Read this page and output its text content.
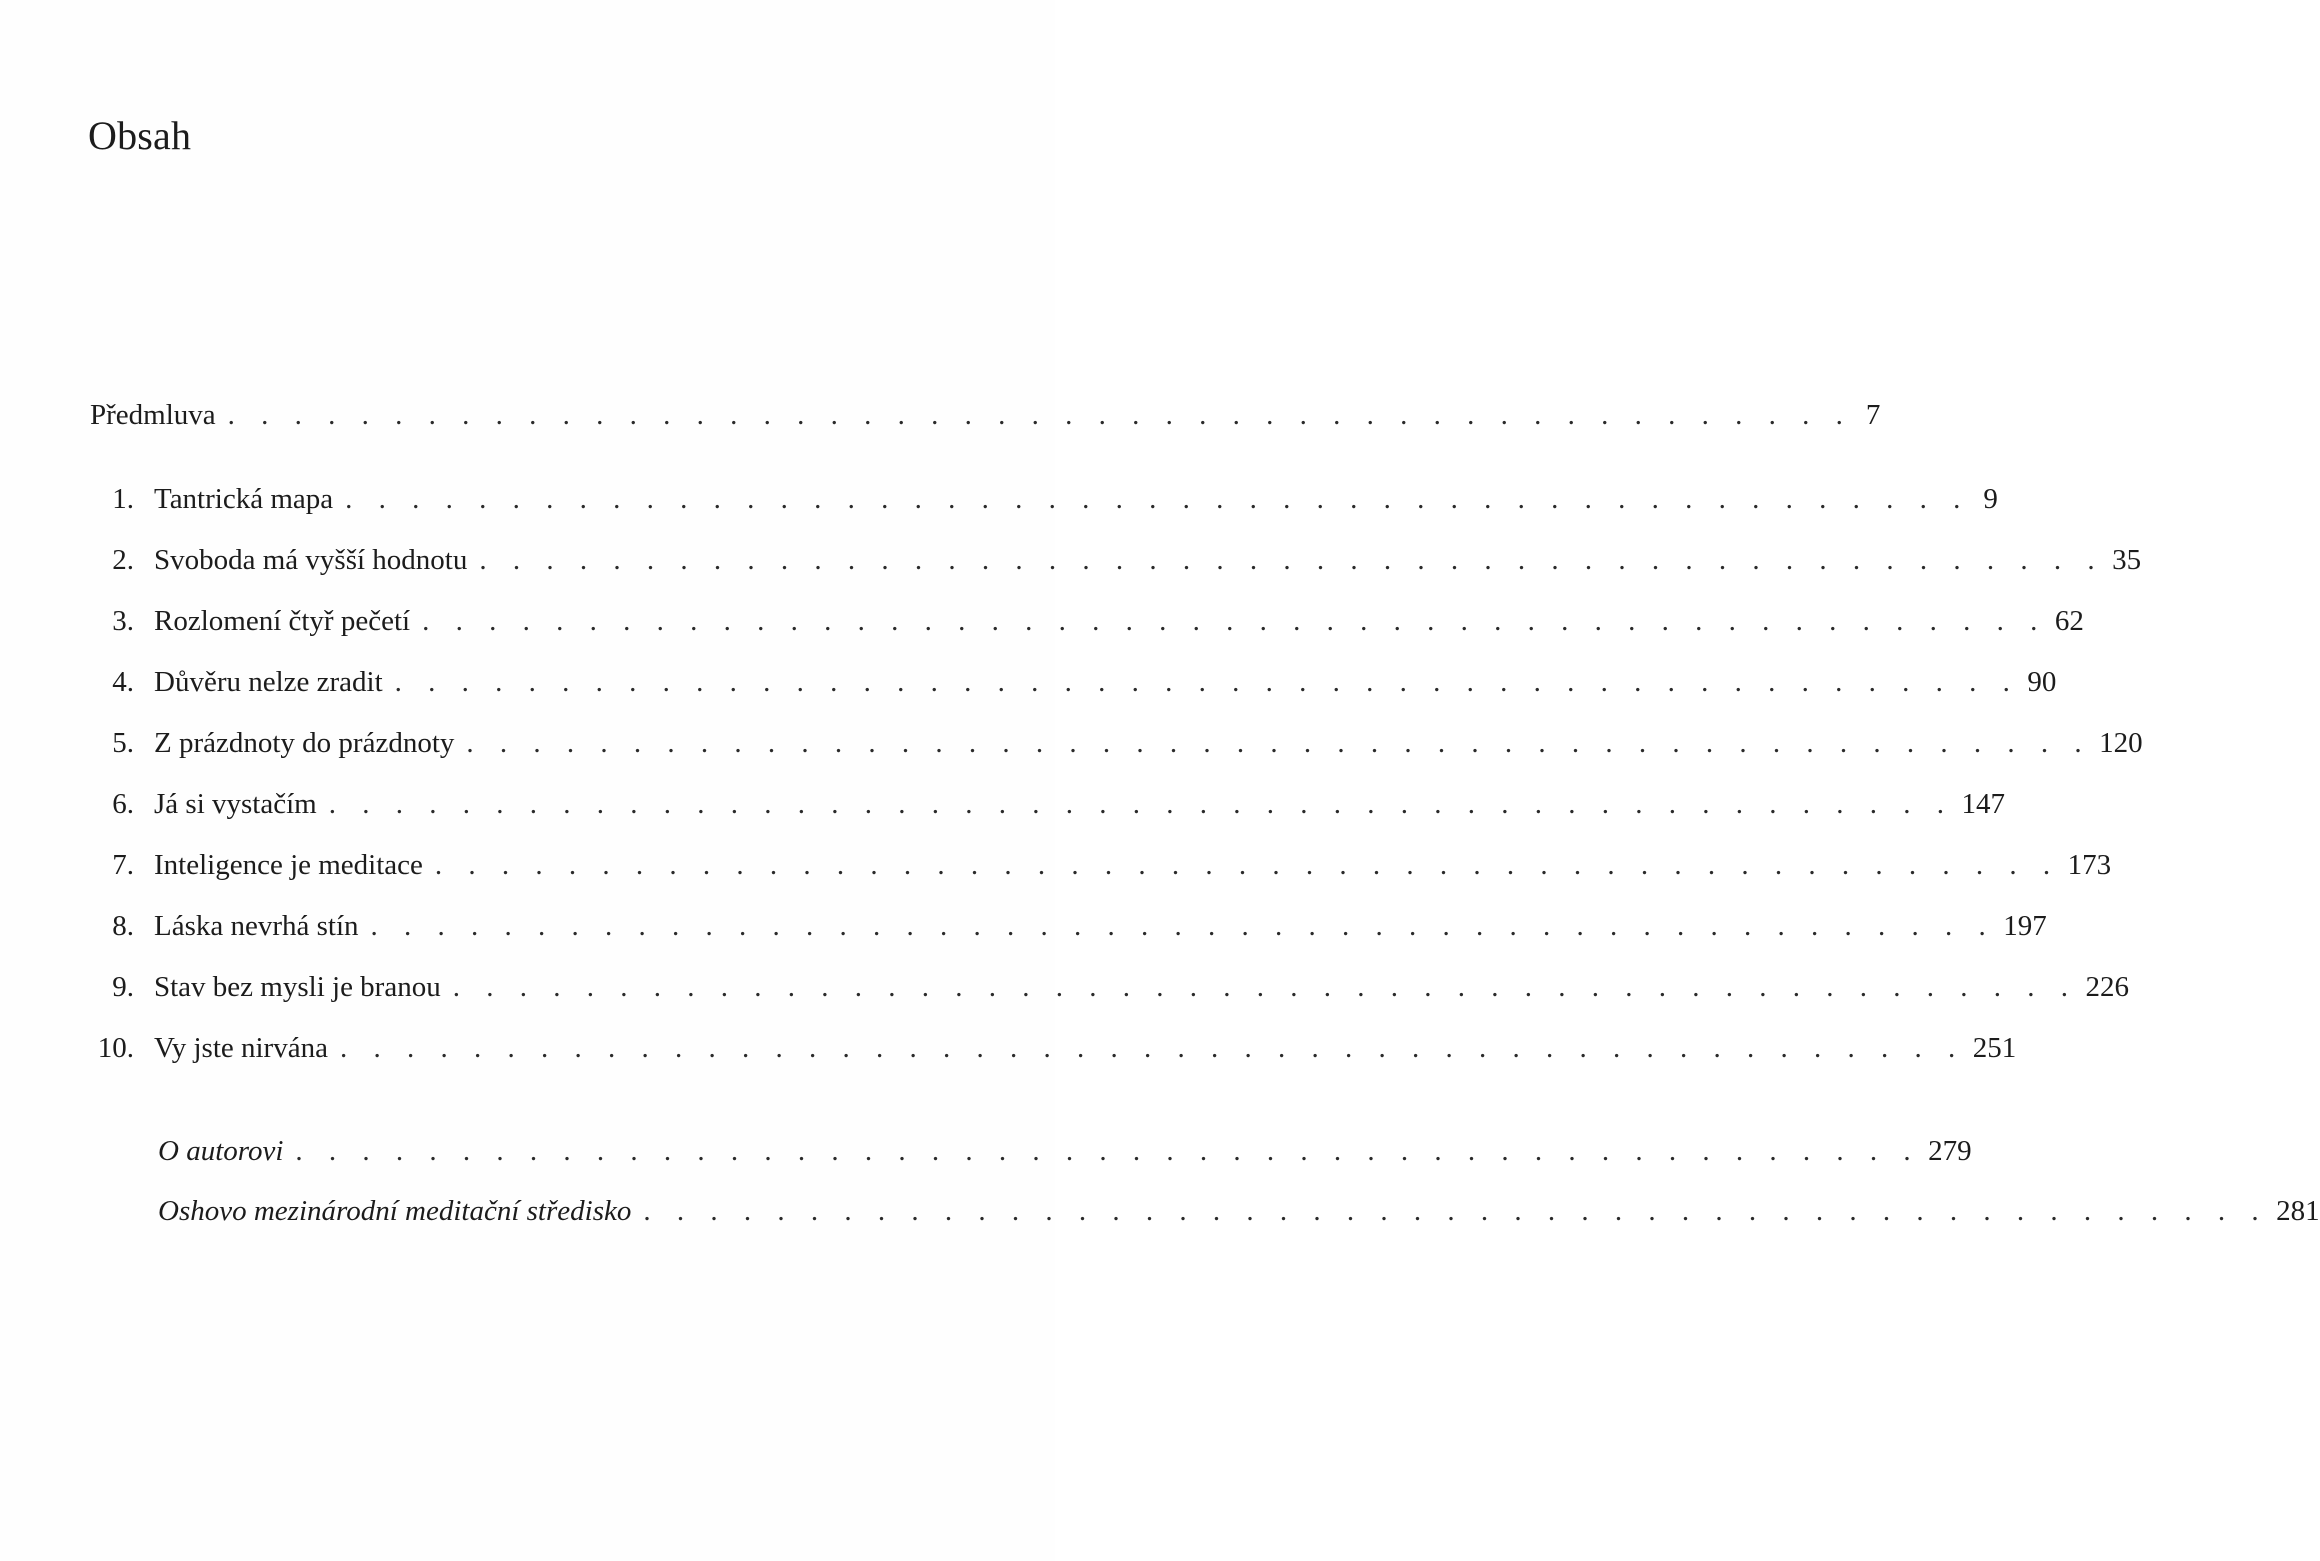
Obsah
Předmluva . . . . . . . . . . . . . . . . . . . . . . . . . . . . . . . . . . . . . . . . . . . . . . . . . 7
1. Tantrická mapa . . . . . . . . . . . . . . . . . . . . . . . . . . . . . . . . . . . . . . . . . . . . . . . . . 9
2. Svoboda má vyšší hodnotu . . . . . . . . . . . . . . . . . . . . . . . . . . . . . . . . . . . . . . . . . . . . . . . . . 35
3. Rozlomení čtyř pečetí . . . . . . . . . . . . . . . . . . . . . . . . . . . . . . . . . . . . . . . . . . . . . . . . . 62
4. Důvěru nelze zradit . . . . . . . . . . . . . . . . . . . . . . . . . . . . . . . . . . . . . . . . . . . . . . . . . 90
5. Z prázdnoty do prázdnoty . . . . . . . . . . . . . . . . . . . . . . . . . . . . . . . . . . . . . . . . . . . . . . . . . 120
6. Já si vystačím . . . . . . . . . . . . . . . . . . . . . . . . . . . . . . . . . . . . . . . . . . . . . . . . . 147
7. Inteligence je meditace . . . . . . . . . . . . . . . . . . . . . . . . . . . . . . . . . . . . . . . . . . . . . . . . . 173
8. Láska nevrhá stín . . . . . . . . . . . . . . . . . . . . . . . . . . . . . . . . . . . . . . . . . . . . . . . . . 197
9. Stav bez mysli je branou . . . . . . . . . . . . . . . . . . . . . . . . . . . . . . . . . . . . . . . . . . . . . . . . . 226
10. Vy jste nirvána . . . . . . . . . . . . . . . . . . . . . . . . . . . . . . . . . . . . . . . . . . . . . . . . . 251
O autorovi . . . . . . . . . . . . . . . . . . . . . . . . . . . . . . . . . . . . . . . . . . . . . . . . . 279
Oshovo mezinárodní meditační středisko . . . . . . . . . . . . . . . . . . . . . . . . . . . . . . . . . . . . . . . . . . . . . . . . . 281
